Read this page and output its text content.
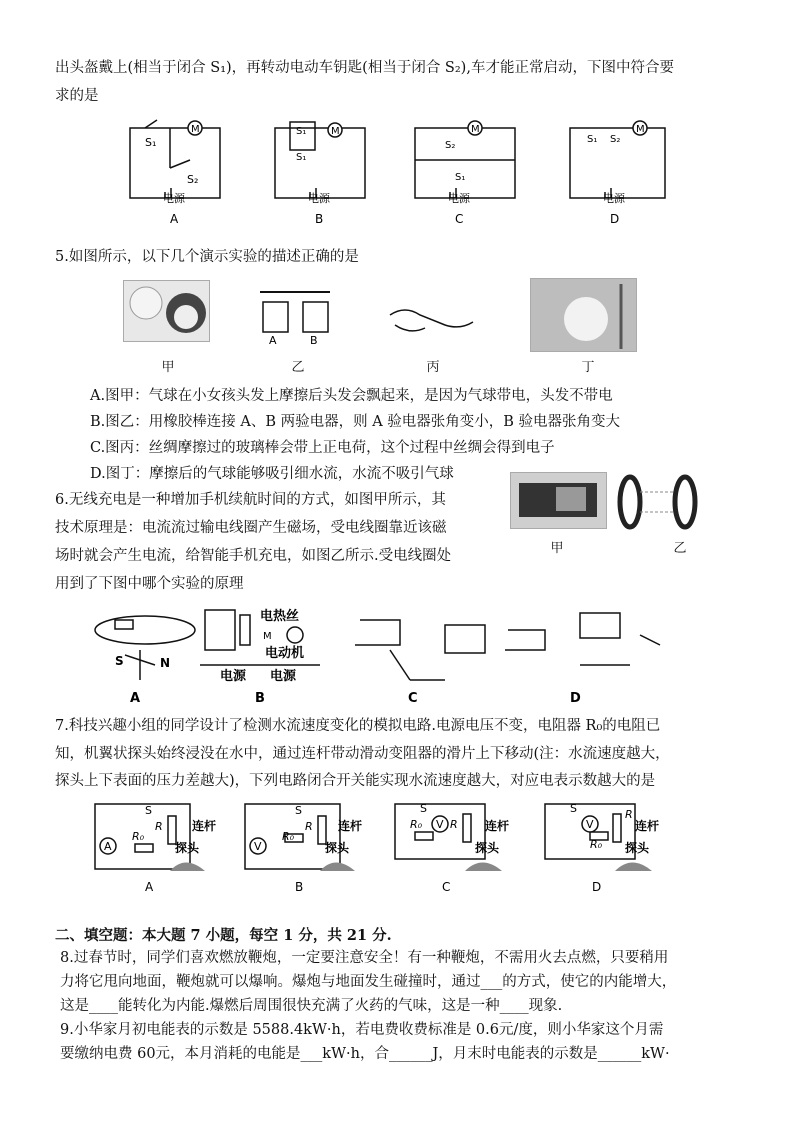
出头盔戴上(相当于闭合 S₁)，再转动电动车钥匙(相当于闭合 S₂),车才能正常启动，下图中符合要
求的是
M
S₁
S₂
电源
A
S₁
S₁
M
电源
B
S₂
S₁
M
电源
C
S₁ S₂
M
电源
D
5.如图所示，以下几个演示实验的描述正确的是
A	B
甲	乙	丙	丁
A.图甲：气球在小女孩头发上摩擦后头发会飘起来，是因为气球带电，头发不带电
B.图乙：用橡胶棒连接 A、B 两验电器，则 A 验电器张角变小，B 验电器张角变大
C.图丙：丝绸摩擦过的玻璃棒会带上正电荷，这个过程中丝绸会得到电子
D.图丁：摩擦后的气球能够吸引细水流，水流不吸引气球
6.无线充电是一种增加手机续航时间的方式，如图甲所示，其
技术原理是：电流流过输电线圈产生磁场，受电线圈靠近该磁
场时就会产生电流，给智能手机充电，如图乙所示.受电线圈处
用到了下图中哪个实验的原理
甲	乙
S	N
电热丝
M
电动机
电源 电源
A	B	C	D
7.科技兴趣小组的同学设计了检测水流速度变化的模拟电路.电源电压不变，电阻器 R₀的电阻已
知，机翼状探头始终浸没在水中，通过连杆带动滑动变阻器的滑片上下移动(注：水流速度越大，
探头上下表面的压力差越大)，下列电路闭合开关能实现水流速度越大，对应电表示数越大的是
A
S
R
R₀
连杆
探头	V
S
R
R₀
连杆
探头
V
S
R
R₀	连杆
探头
V
S	R
R₀
连杆
探头
A	B	C	D
二、填空题：本大题 7 小题，每空 1 分，共 21 分.
8.过春节时，同学们喜欢燃放鞭炮，一定要注意安全！有一种鞭炮，不需用火去点燃，只要稍用
力将它甩向地面，鞭炮就可以爆响。爆炮与地面发生碰撞时，通过___的方式，使它的内能增大，
这是____能转化为内能.爆燃后周围很快充满了火药的气味，这是一种____现象.
9.小华家月初电能表的示数是 5588.4kW·h，若电费收费标准是 0.6元/度，则小华家这个月需
要缴纳电费 60元，本月消耗的电能是___kW·h，合______J，月末时电能表的示数是______kW·
